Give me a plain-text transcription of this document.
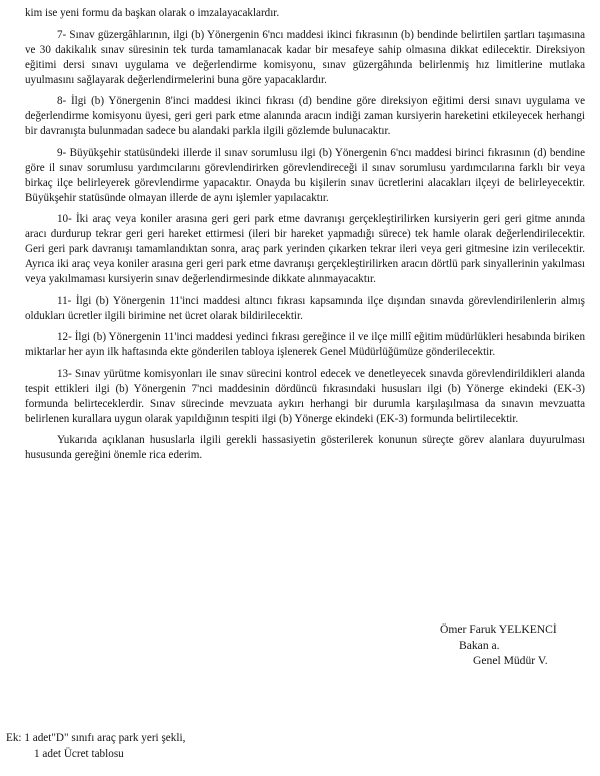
kim ise yeni formu da başkan olarak o imzalayacaklardır.

7- Sınav güzergâhlarının, ilgi (b) Yönergenin 6'ncı maddesi ikinci fıkrasının (b) bendinde belirtilen şartları taşımasına ve 30 dakikalık sınav süresinin tek turda tamamlanacak kadar bir mesafeye sahip olmasına dikkat edilecektir. Direksiyon eğitimi dersi sınavı uygulama ve değerlendirme komisyonu, sınav güzergâhında belirlenmiş hız limitlerine mutlaka uyulmasını sağlayarak değerlendirmelerini buna göre yapacaklardır.

8- İlgi (b) Yönergenin 8'inci maddesi ikinci fıkrası (d) bendine göre direksiyon eğitimi dersi sınavı uygulama ve değerlendirme komisyonu üyesi, geri geri park etme alanında aracın indiği zaman kursiyerin hareketini etkileyecek herhangi bir davranışta bulunmadan sadece bu alandaki parkla ilgili gözlemde bulunacaktır.

9- Büyükşehir statüsündeki illerde il sınav sorumlusu ilgi (b) Yönergenin 6'ncı maddesi birinci fıkrasının (d) bendine göre il sınav sorumlusu yardımcılarını görevlendirirken görevlendireceği il sınav sorumlusu yardımcılarına farklı bir veya birkaç ilçe belirleyerek görevlendirme yapacaktır. Onayda bu kişilerin sınav ücretlerini alacakları ilçeyi de belirleyecektir. Büyükşehir statüsünde olmayan illerde de aynı işlemler yapılacaktır.

10- İki araç veya koniler arasına geri geri park etme davranışı gerçekleştirilirken kursiyerin geri geri gitme anında aracı durdurup tekrar geri geri hareket ettirmesi (ileri bir hareket yapmadığı sürece) tek hamle olarak değerlendirilecektir. Geri geri park davranışı tamamlandıktan sonra, araç park yerinden çıkarken tekrar ileri veya geri gitmesine izin verilecektir. Ayrıca iki araç veya koniler arasına geri geri park etme davranışı gerçekleştirilirken aracın dörtlü park sinyallerinin yakılması veya yakılmaması kursiyerin sınav değerlendirmesinde dikkate alınmayacaktır.

11- İlgi (b) Yönergenin 11'inci maddesi altıncı fıkrası kapsamında ilçe dışından sınavda görevlendirilenlerin almış oldukları ücretler ilgili birimine net ücret olarak bildirilecektir.

12- İlgi (b) Yönergenin 11'inci maddesi yedinci fıkrası gereğince il ve ilçe millî eğitim müdürlükleri hesabında biriken miktarlar her ayın ilk haftasında ekte gönderilen tabloya işlenerek Genel Müdürlüğümüze gönderilecektir.

13- Sınav yürütme komisyonları ile sınav sürecini kontrol edecek ve denetleyecek sınavda görevlendirildikleri alanda tespit ettikleri ilgi (b) Yönergenin 7'nci maddesinin dördüncü fıkrasındaki hususları ilgi (b) Yönerge ekindeki (EK-3) formunda belirteceklerdir. Sınav sürecinde mevzuata aykırı herhangi bir durumla karşılaşılmasa da sınavın mevzuatta belirlenen kurallara uygun olarak yapıldığının tespiti ilgi (b) Yönerge ekindeki (EK-3) formunda belirtilecektir.

Yukarıda açıklanan hususlarla ilgili gerekli hassasiyetin gösterilerek konunun süreçte görev alanlara duyurulması hususunda gereğini önemle rica ederim.

Ömer Faruk YELKENCİ
Bakan a.
Genel Müdür V.
Ek: 1 adet"D" sınıfı araç park yeri şekli,
1 adet Ücret tablosu
